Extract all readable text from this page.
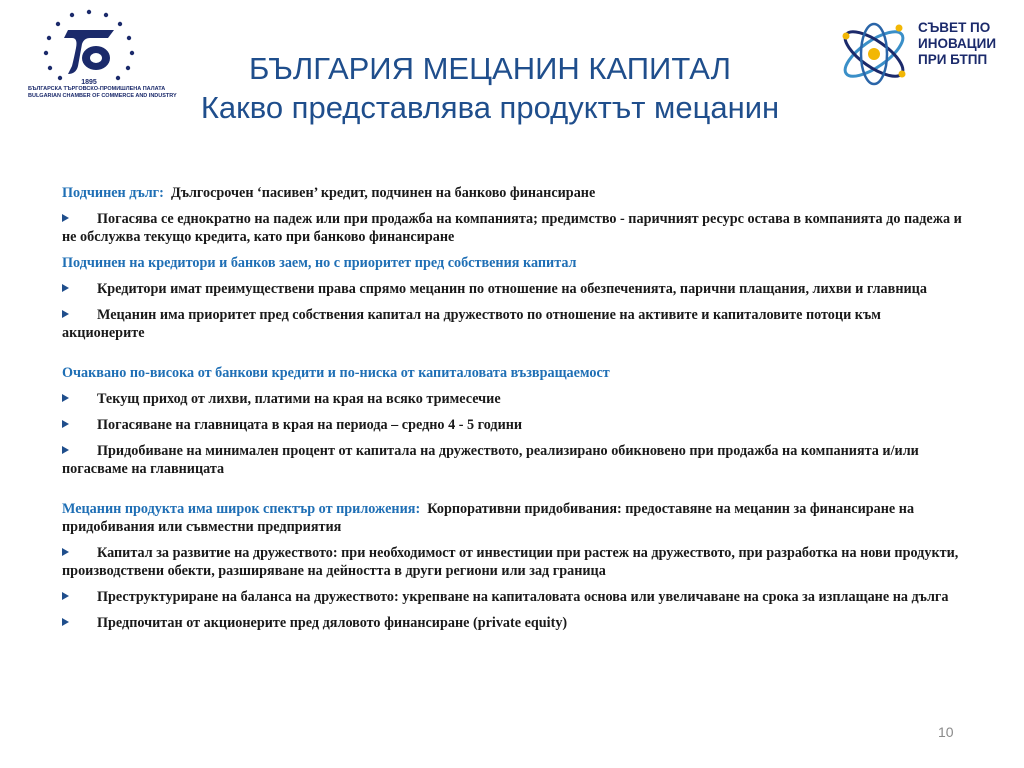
1895
БЪЛГАРСКА ТЪРГОВСКО-ПРОМИШЛЕНА ПАЛАТА
BULGARIAN CHAMBER OF COMMERCE AND INDUSTRY
СЪВЕТ ПО
ИНОВАЦИИ
ПРИ БТПП
БЪЛГАРИЯ МЕЦАНИН КАПИТАЛ
Какво представлява продуктът мецанин

Подчинен дълг: Дългосрочен ‘пасивен’ кредит, подчинен на банково финансиране

Погасява се еднократно на падеж или при продажба на компанията; предимство - паричният ресурс остава в компанията до падежа и не обслужва текущо кредита, като при банково финансиране

Подчинен на кредитори и банков заем, но с приоритет пред собствения капитал

Кредитори имат преимуществени права спрямо мецанин по отношение на обезпеченията, парични плащания, лихви и главница

Мецанин има приоритет пред собствения капитал на дружеството по отношение на активите и капиталовите потоци към акционерите

Очаквано по-висока от банкови кредити и по-ниска от капиталовата възвращаемост

Текущ приход от лихви, платими на края на всяко тримесечие

Погасяване на главницата в края на периода – средно 4 - 5 години

Придобиване на минимален процент от капитала на дружеството, реализирано обикновено при продажба на компанията и/или погасваме на главницата

Мецанин продукта има широк спектър от приложения: Корпоративни придобивания: предоставяне на мецанин за финансиране на придобивания или съвместни предприятия

Капитал за развитие на дружеството: при необходимост от инвестиции при растеж на дружеството, при разработка на нови продукти, производствени обекти, разширяване на дейността в други региони или зад граница

Преструктуриране на баланса на дружеството: укрепване на капиталовата основа или увеличаване на срока за изплащане на дълга

Предпочитан от акционерите пред дяловото финансиране (private equity)

10
